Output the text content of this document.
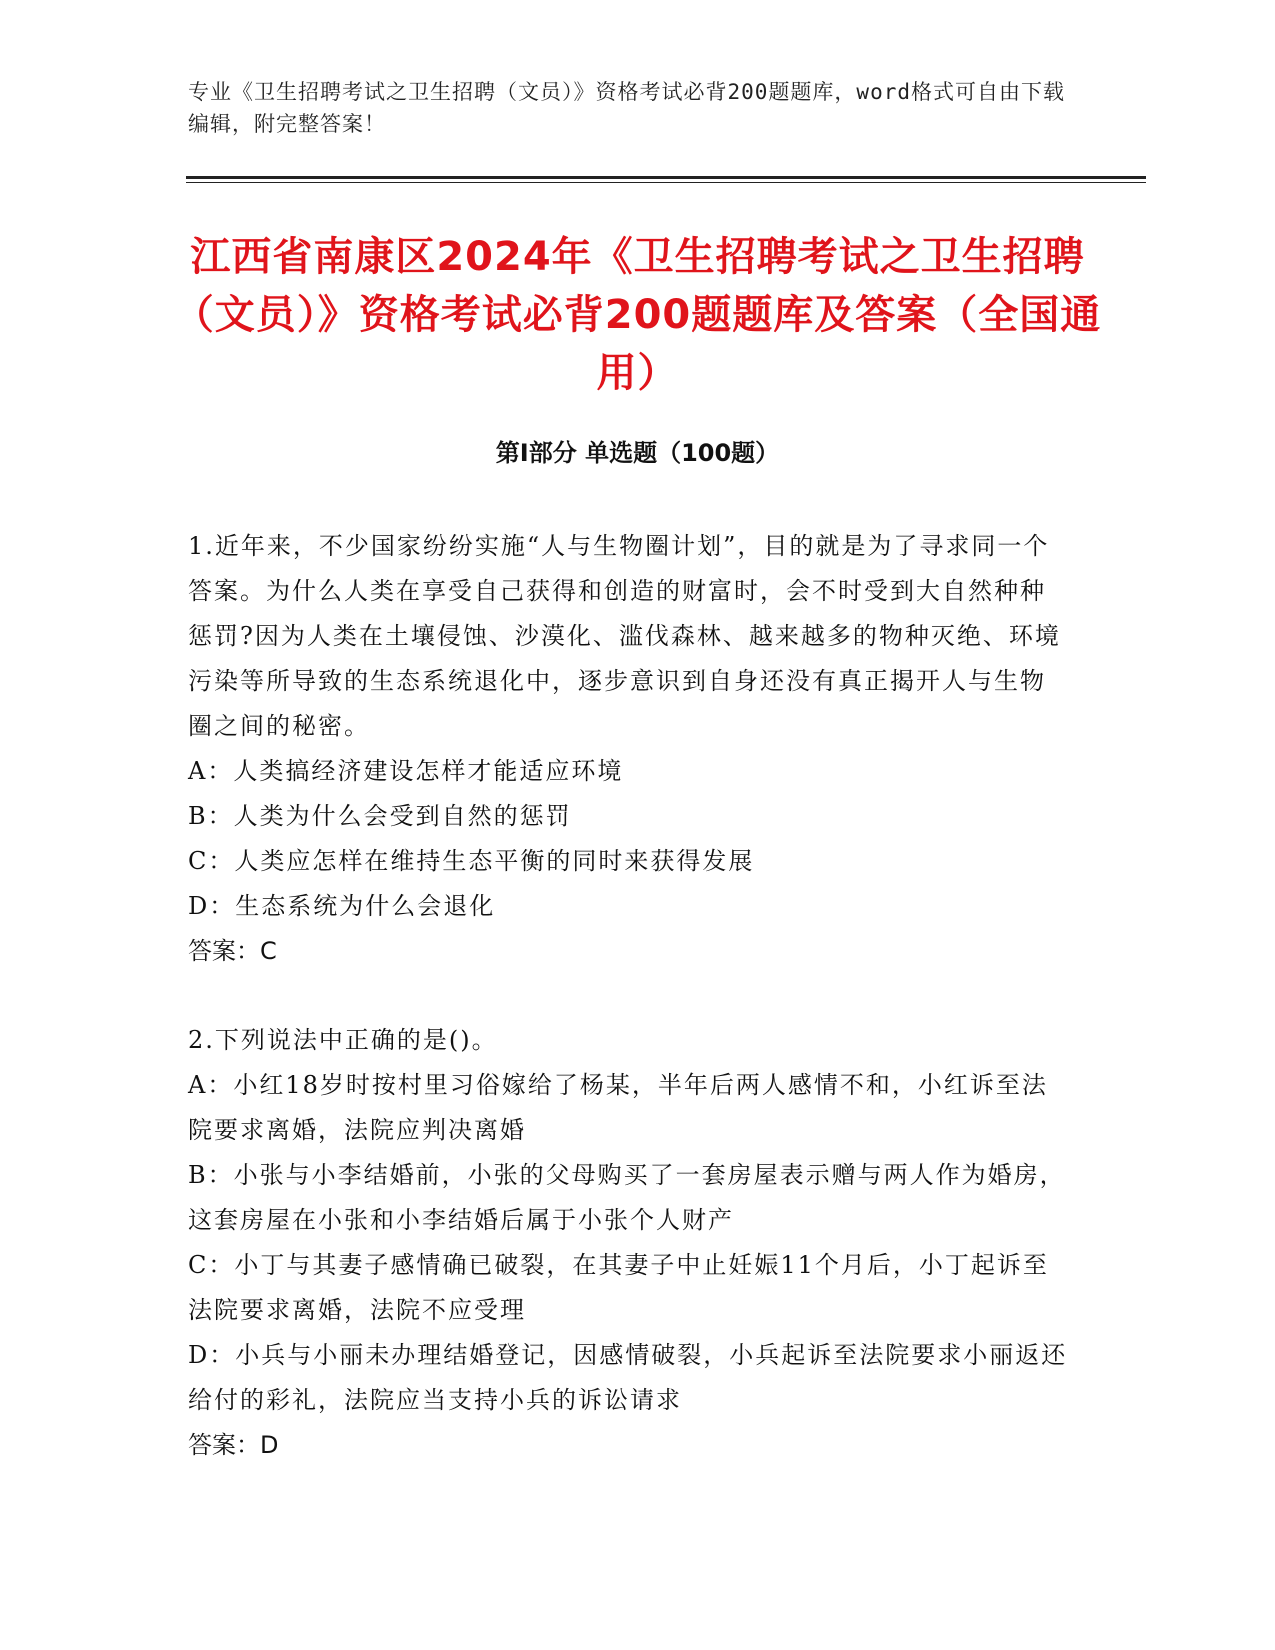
专业《卫生招聘考试之卫生招聘（文员）》资格考试必背200题题库，word格式可自由下载编辑，附完整答案！
江西省南康区2024年《卫生招聘考试之卫生招聘（文员）》资格考试必背200题题库及答案（全国通用）
第Ⅰ部分 单选题（100题）

1.近年来，不少国家纷纷实施“人与生物圈计划”，目的就是为了寻求同一个答案。为什么人类在享受自己获得和创造的财富时，会不时受到大自然种种惩罚?因为人类在土壤侵蚀、沙漠化、滥伐森林、越来越多的物种灭绝、环境污染等所导致的生态系统退化中，逐步意识到自身还没有真正揭开人与生物圈之间的秘密。

A：人类搞经济建设怎样才能适应环境

B：人类为什么会受到自然的惩罚

C：人类应怎样在维持生态平衡的同时来获得发展

D：生态系统为什么会退化

答案：C

2.下列说法中正确的是()。

A：小红18岁时按村里习俗嫁给了杨某，半年后两人感情不和，小红诉至法院要求离婚，法院应判决离婚

B：小张与小李结婚前，小张的父母购买了一套房屋表示赠与两人作为婚房，这套房屋在小张和小李结婚后属于小张个人财产

C：小丁与其妻子感情确已破裂，在其妻子中止妊娠11个月后，小丁起诉至法院要求离婚，法院不应受理

D：小兵与小丽未办理结婚登记，因感情破裂，小兵起诉至法院要求小丽返还给付的彩礼，法院应当支持小兵的诉讼请求

答案：D
